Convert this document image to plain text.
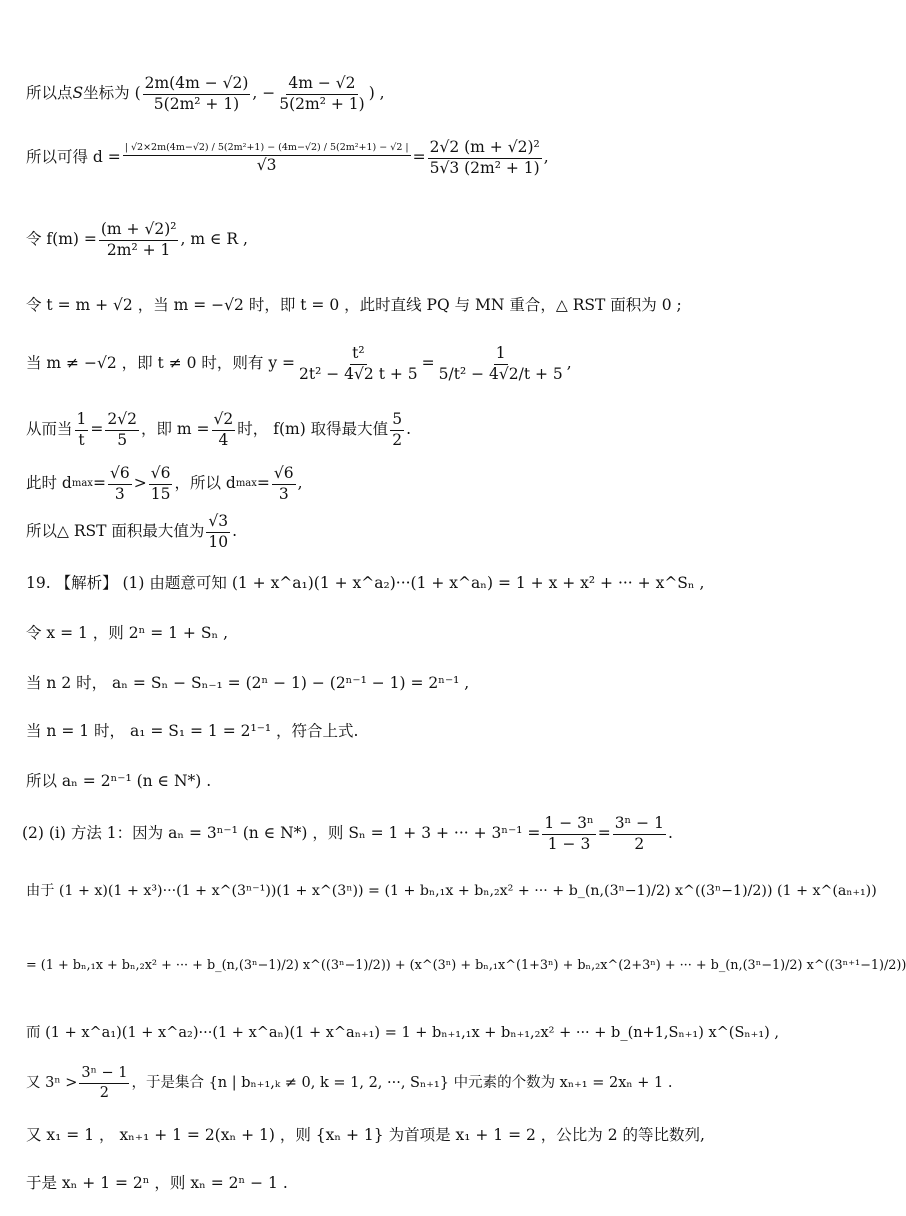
所以点 S 坐标为 ( $\frac{2m(4m - √2)}{\text{5(2m² + 1)}}$ , − $\frac{4m - √2}{\text{5(2m² + 1)}}$ ) ,
所以可得 $d = \frac{\text{| √2×2m(4m−√2) / 5(2m²+1) − (4m−√2) / 5(2m²+1) − √2 |}}{√3} = \frac{\text{2√2 (m + √2)²}}{\text{5√3 (2m² + 1)}}$ ,
令 $f(m) = \frac{\text{(m + √2)²}}{\text{2m² + 1}}$ , m ∈ R ,
令 t = m + √2 ，当 m = −√2 时，即 t = 0 ，此时直线 PQ 与 MN 重合，△ RST 面积为 0 ;
当 m ≠ −√2 ，即 t ≠ 0 时，则有 $y = \frac{\text{t²}}{\text{2t² − 4√2 t + 5}} = \frac{1}{\text{5/t² − 4√2/t + 5}}$ ,
从而当 $\frac{1}{t} = \frac{2√2}{5}$ ，即 $m = \frac{√2}{4}$ 时， f(m) 取得最大值 $\frac{5}{2}$ .
此时 d $\max = \frac{√6}{3} > \frac{√6}{15}$ ，所以 d $\max = \frac{√6}{3}$ ,
所以△ RST 面积最大值为 $\frac{√3}{10}$ .
19. 【解析】 (1) 由题意可知 (1 + x^a₁)(1 + x^a₂)···(1 + x^aₙ) = 1 + x + x² + ··· + x^Sₙ ,
令 x = 1 ，则 2ⁿ = 1 + Sₙ ,
当 n 2 时， aₙ = Sₙ − Sₙ₋₁ = (2ⁿ − 1) − (2ⁿ⁻¹ − 1) = 2ⁿ⁻¹ ,
当 n = 1 时， a₁ = S₁ = 1 = 2¹⁻¹ ，符合上式.
所以 aₙ = 2ⁿ⁻¹ (n ∈ N*) .
(2) (i) 方法 1：因为 aₙ = 3ⁿ⁻¹ (n ∈ N*) ，则 Sₙ = 1 + 3 + ··· + $3^{n-1} = \frac{\text{1 − 3ⁿ}}{1 - 3} = \frac{\text{3ⁿ − 1}}{2}$ .
由于 (1 + x)(1 + x³)···(1 + x^(3ⁿ⁻¹))(1 + x^(3ⁿ)) = (1 + bₙ,₁x + bₙ,₂x² + ··· + b_(n,(3ⁿ−1)/2) x^((3ⁿ−1)/2)) (1 + x^(aₙ₊₁))
= (1 + bₙ,₁x + bₙ,₂x² + ··· + b_(n,(3ⁿ−1)/2) x^((3ⁿ−1)/2)) + (x^(3ⁿ) + bₙ,₁x^(1+3ⁿ) + bₙ,₂x^(2+3ⁿ) + ··· + b_(n,(3ⁿ−1)/2) x^((3ⁿ⁺¹−1)/2))
而 (1 + x^a₁)(1 + x^a₂)···(1 + x^aₙ)(1 + x^aₙ₊₁) = 1 + bₙ₊₁,₁x + bₙ₊₁,₂x² + ··· + b_(n+1,Sₙ₊₁) x^(Sₙ₊₁) ,
又 $3^n > \frac{\text{3ⁿ − 1}}{2}$ ，于是集合 {n | bₙ₊₁,ₖ ≠ 0, k = 1, 2, ···, Sₙ₊₁} 中元素的个数为 xₙ₊₁ = 2xₙ + 1 .
又 x₁ = 1 ， xₙ₊₁ + 1 = 2(xₙ + 1) ，则 {xₙ + 1} 为首项是 x₁ + 1 = 2 ，公比为 2 的等比数列,
于是 xₙ + 1 = 2ⁿ ，则 xₙ = 2ⁿ − 1 .
